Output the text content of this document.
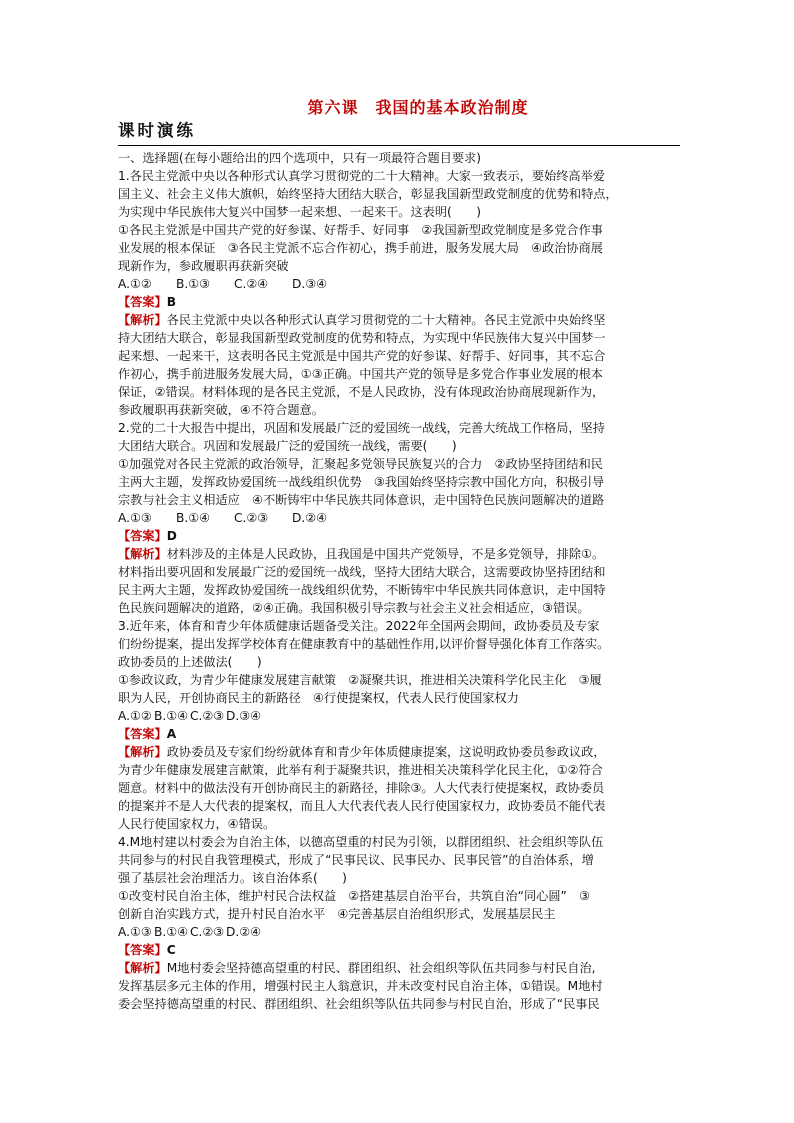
第六课　我国的基本政治制度
课时演练
一、选择题(在每小题给出的四个选项中，只有一项最符合题目要求)
1.各民主党派中央以各种形式认真学习贯彻党的二十大精神。大家一致表示，要始终高举爱
国主义、社会主义伟大旗帜，始终坚持大团结大联合，彰显我国新型政党制度的优势和特点，
为实现中华民族伟大复兴中国梦一起来想、一起来干。这表明(　　)
①各民主党派是中国共产党的好参谋、好帮手、好同事　②我国新型政党制度是多党合作事
业发展的根本保证　③各民主党派不忘合作初心，携手前进，服务发展大局　④政治协商展
现新作为，参政履职再获新突破
A.①② B.①③ C.②④ D.③④
【答案】B
【解析】各民主党派中央以各种形式认真学习贯彻党的二十大精神。各民主党派中央始终坚
持大团结大联合，彰显我国新型政党制度的优势和特点，为实现中华民族伟大复兴中国梦一
起来想、一起来干，这表明各民主党派是中国共产党的好参谋、好帮手、好同事，其不忘合
作初心，携手前进服务发展大局，①③正确。中国共产党的领导是多党合作事业发展的根本
保证，②错误。材料体现的是各民主党派，不是人民政协，没有体现政治协商展现新作为，
参政履职再获新突破，④不符合题意。
2.党的二十大报告中提出，巩固和发展最广泛的爱国统一战线，完善大统战工作格局，坚持
大团结大联合。巩固和发展最广泛的爱国统一战线，需要(　　)
①加强党对各民主党派的政治领导，汇聚起多党领导民族复兴的合力　②政协坚持团结和民
主两大主题，发挥政协爱国统一战线组织优势　③我国始终坚持宗教中国化方向，积极引导
宗教与社会主义相适应　④不断铸牢中华民族共同体意识，走中国特色民族问题解决的道路
A.①③ B.①④ C.②③ D.②④
【答案】D
【解析】材料涉及的主体是人民政协，且我国是中国共产党领导，不是多党领导，排除①。
材料指出要巩固和发展最广泛的爱国统一战线，坚持大团结大联合，这需要政协坚持团结和
民主两大主题，发挥政协爱国统一战线组织优势，不断铸牢中华民族共同体意识，走中国特
色民族问题解决的道路，②④正确。我国积极引导宗教与社会主义社会相适应，③错误。
3.近年来，体育和青少年体质健康话题备受关注。2022年全国两会期间，政协委员及专家
们纷纷提案，提出发挥学校体育在健康教育中的基础性作用,以评价督导强化体育工作落实。
政协委员的上述做法(　　)
①参政议政，为青少年健康发展建言献策　②凝聚共识，推进相关决策科学化民主化　③履
职为人民，开创协商民主的新路径　④行使提案权，代表人民行使国家权力
A.①② B.①④ C.②③ D.③④
【答案】A
【解析】政协委员及专家们纷纷就体育和青少年体质健康提案，这说明政协委员参政议政，
为青少年健康发展建言献策，此举有利于凝聚共识，推进相关决策科学化民主化，①②符合
题意。材料中的做法没有开创协商民主的新路径，排除③。人大代表行使提案权，政协委员
的提案并不是人大代表的提案权，而且人大代表代表人民行使国家权力，政协委员不能代表
人民行使国家权力，④错误。
4.M地村建以村委会为自治主体，以德高望重的村民为引领，以群团组织、社会组织等队伍
共同参与的村民自我管理模式，形成了“民事民议、民事民办、民事民管”的自治体系，增
强了基层社会治理活力。该自治体系(　　)
①改变村民自治主体，维护村民合法权益　②搭建基层自治平台，共筑自治“同心圆”　③
创新自治实践方式，提升村民自治水平　④完善基层自治组织形式，发展基层民主
A.①③ B.①④ C.②③ D.②④
【答案】C
【解析】M地村委会坚持德高望重的村民、群团组织、社会组织等队伍共同参与村民自治,
发挥基层多元主体的作用，增强村民主人翁意识，并未改变村民自治主体，①错误。M地村
委会坚持德高望重的村民、群团组织、社会组织等队伍共同参与村民自治，形成了“民事民
